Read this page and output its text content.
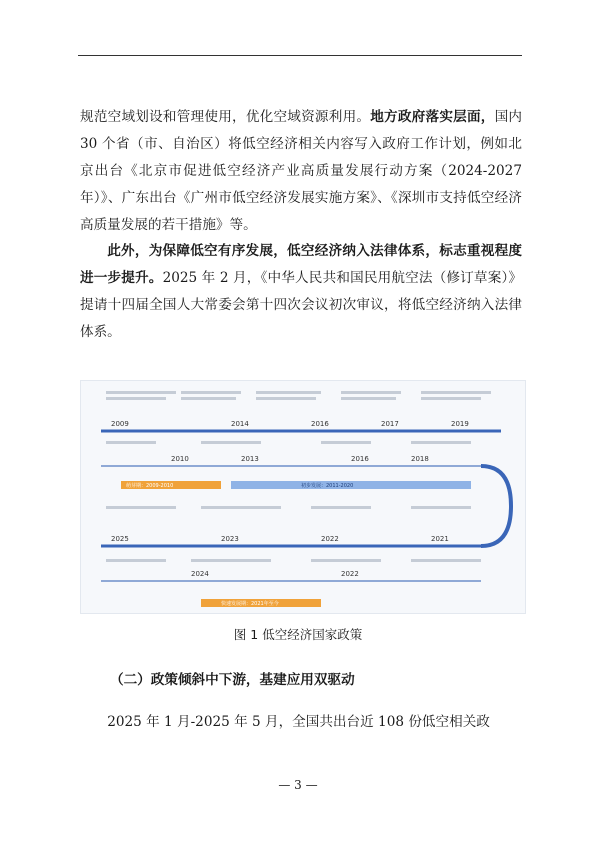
规范空域划设和管理使用，优化空域资源利用。地方政府落实层面，国内 30 个省（市、自治区）将低空经济相关内容写入政府工作计划，例如北京出台《北京市促进低空经济产业高质量发展行动方案（2024-2027 年）》、广东出台《广州市低空经济发展实施方案》、《深圳市支持低空经济高质量发展的若干措施》等。

此外，为保障低空有序发展，低空经济纳入法律体系，标志重视程度进一步提升。2025 年 2 月，《中华人民共和国民用航空法（修订草案）》提请十四届全国人大常委会第十四次会议初次审议，将低空经济纳入法律体系。

萌芽期：2009-2010	初步发展：2011-2020
快速发展期：2021年至今
2009	2014	2016	2017	2019
2010	2013	2016	2018
2025	2023	2022	2021
2024	2022
图 1 低空经济国家政策
（二）政策倾斜中下游，基建应用双驱动

2025 年 1 月-2025 年 5 月，全国共出台近 108 份低空相关政

— 3 —
